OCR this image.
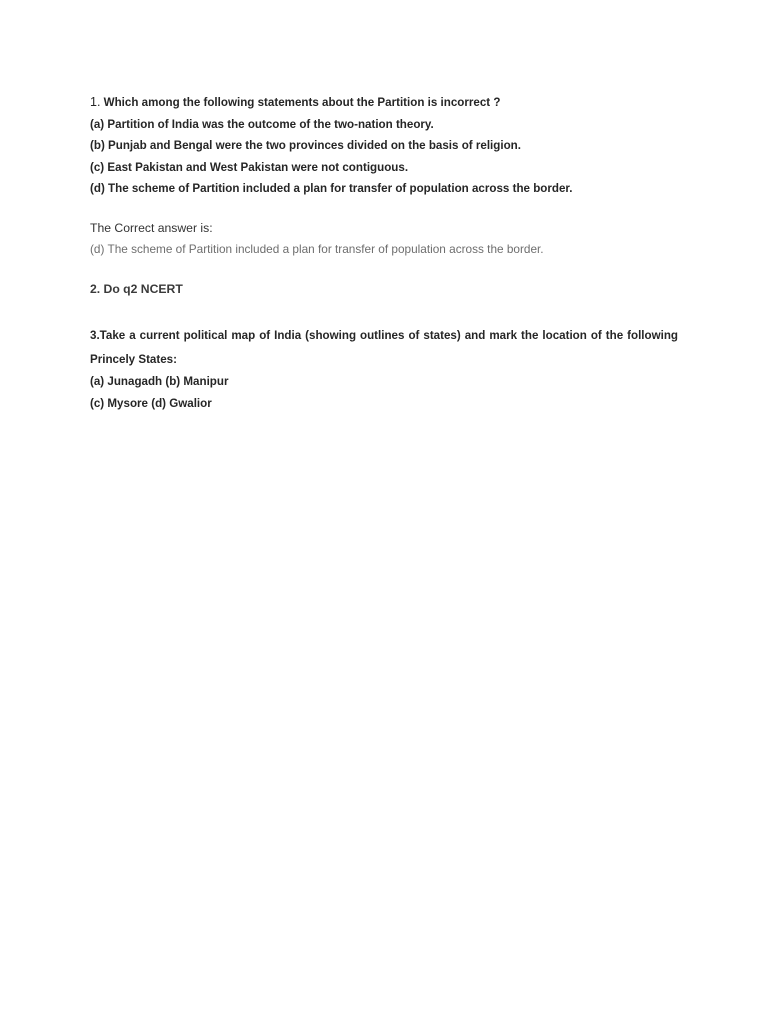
1. Which among the following statements about the Partition is incorrect ?
(a) Partition of India was the outcome of the two-nation theory.
(b) Punjab and Bengal were the two provinces divided on the basis of religion.
(c) East Pakistan and West Pakistan were not contiguous.
(d) The scheme of Partition included a plan for transfer of population across the border.
The Correct answer is:
(d) The scheme of Partition included a plan for transfer of population across the border.
2. Do q2 NCERT
3.Take a current political map of India (showing outlines of states) and mark the location of the following Princely States:
(a) Junagadh (b) Manipur
(c) Mysore (d) Gwalior
